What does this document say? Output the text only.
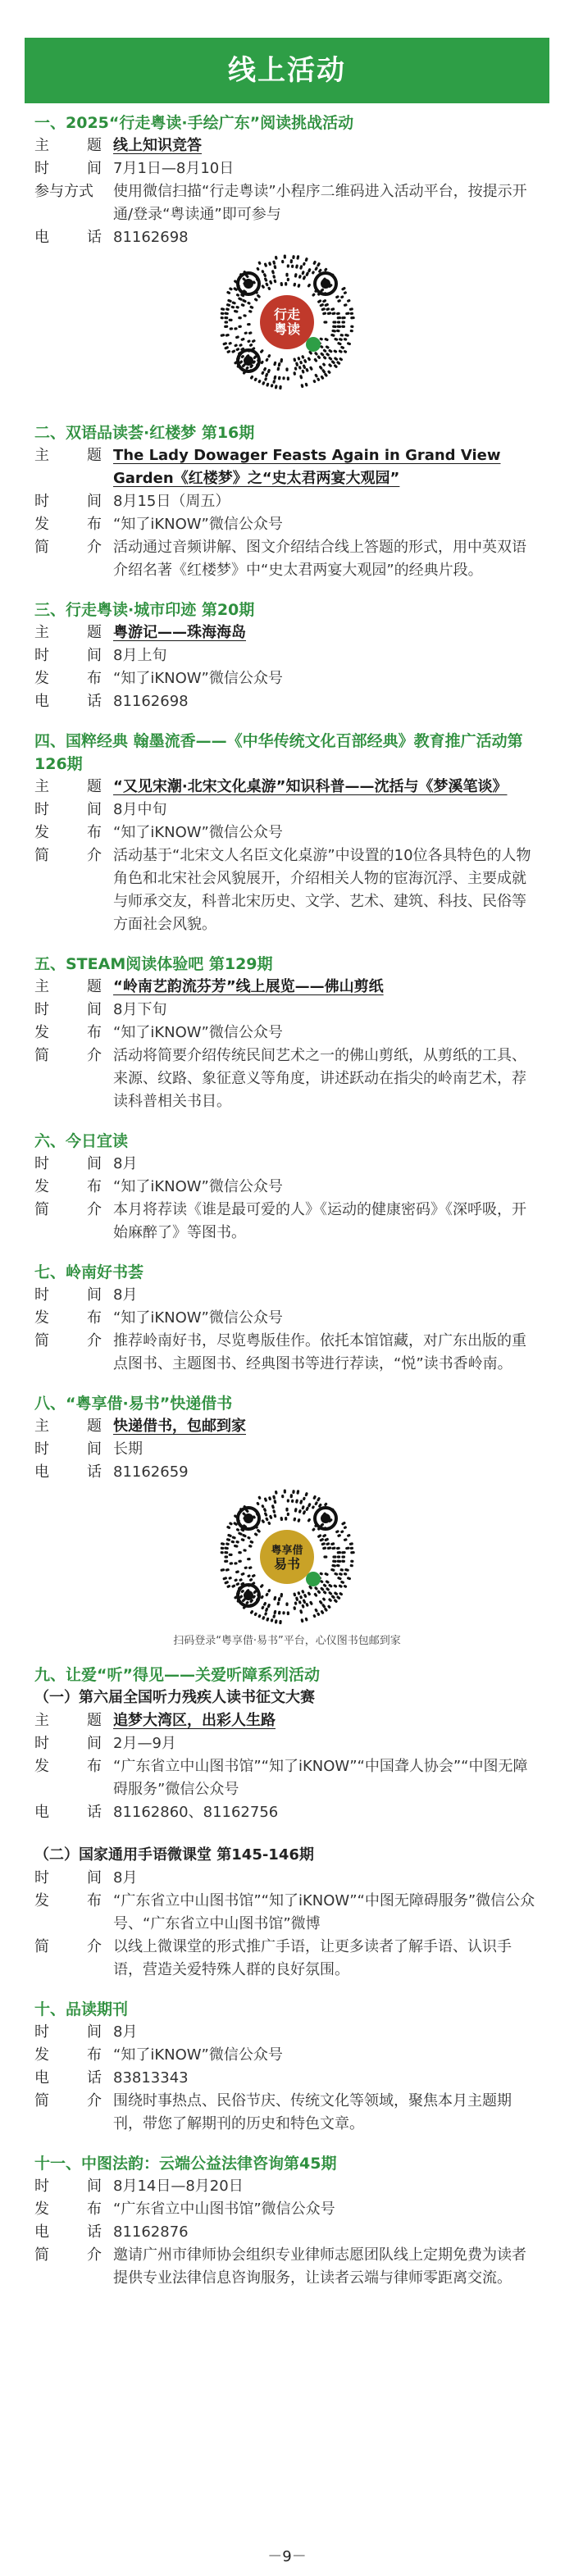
线上活动
一、2025“行走粤读·手绘广东”阅读挑战活动
主	题 线上知识竞答
时	间 7月1日—8月10日
参与方式 使用微信扫描“行走粤读”小程序二维码进入活动平台，按提示开通/登录“粤读通”即可参与
电	话 81162698
行走
粤读
二、双语品读荟·红楼梦 第16期
主	题 The Lady Dowager Feasts Again in Grand View Garden《红楼梦》之“史太君两宴大观园”
时	间 8月15日（周五）
发	布 “知了iKNOW”微信公众号
简	介 活动通过音频讲解、图文介绍结合线上答题的形式，用中英双语介绍名著《红楼梦》中“史太君两宴大观园”的经典片段。
三、行走粤读·城市印迹 第20期
主	题 粤游记——珠海海岛
时	间 8月上旬
发	布 “知了iKNOW”微信公众号
电	话 81162698
四、国粹经典 翰墨流香——《中华传统文化百部经典》教育推广活动第126期
主	题 “又见宋潮·北宋文化桌游”知识科普——沈括与《梦溪笔谈》
时	间 8月中旬
发	布 “知了iKNOW”微信公众号
简	介 活动基于“北宋文人名臣文化桌游”中设置的10位各具特色的人物角色和北宋社会风貌展开，介绍相关人物的宦海沉浮、主要成就与师承交友，科普北宋历史、文学、艺术、建筑、科技、民俗等方面社会风貌。
五、STEAM阅读体验吧 第129期
主	题 “岭南艺韵流芬芳”线上展览——佛山剪纸
时	间 8月下旬
发	布 “知了iKNOW”微信公众号
简	介 活动将简要介绍传统民间艺术之一的佛山剪纸，从剪纸的工具、来源、纹路、象征意义等角度，讲述跃动在指尖的岭南艺术，荐读科普相关书目。
六、今日宜读
时	间 8月
发	布 “知了iKNOW”微信公众号
简	介 本月将荐读《谁是最可爱的人》《运动的健康密码》《深呼吸，开始麻醉了》等图书。
七、岭南好书荟
时	间 8月
发	布 “知了iKNOW”微信公众号
简	介 推荐岭南好书，尽览粤版佳作。依托本馆馆藏，对广东出版的重点图书、主题图书、经典图书等进行荐读，“悦”读书香岭南。
八、“粤享借·易书”快递借书
主	题 快递借书，包邮到家
时	间 长期
电	话 81162659
粤享借
易书
扫码登录“粤享借·易书”平台，心仪图书包邮到家
九、让爱“听”得见——关爱听障系列活动
（一）第六届全国听力残疾人读书征文大赛
主	题 追梦大湾区，出彩人生路
时	间 2月—9月
发	布 “广东省立中山图书馆”“知了iKNOW”“中国聋人协会”“中图无障碍服务”微信公众号
电	话 81162860、81162756
（二）国家通用手语微课堂 第145-146期
时	间 8月
发	布 “广东省立中山图书馆”“知了iKNOW”“中图无障碍服务”微信公众号、“广东省立中山图书馆”微博
简	介 以线上微课堂的形式推广手语，让更多读者了解手语、认识手语，营造关爱特殊人群的良好氛围。
十、品读期刊
时	间 8月
发	布 “知了iKNOW”微信公众号
电	话 83813343
简	介 围绕时事热点、民俗节庆、传统文化等领域，聚焦本月主题期刊，带您了解期刊的历史和特色文章。
十一、中图法韵：云端公益法律咨询第45期
时	间 8月14日—8月20日
发	布 “广东省立中山图书馆”微信公众号
电	话 81162876
简	介 邀请广州市律师协会组织专业律师志愿团队线上定期免费为读者提供专业法律信息咨询服务，让读者云端与律师零距离交流。
－9－
